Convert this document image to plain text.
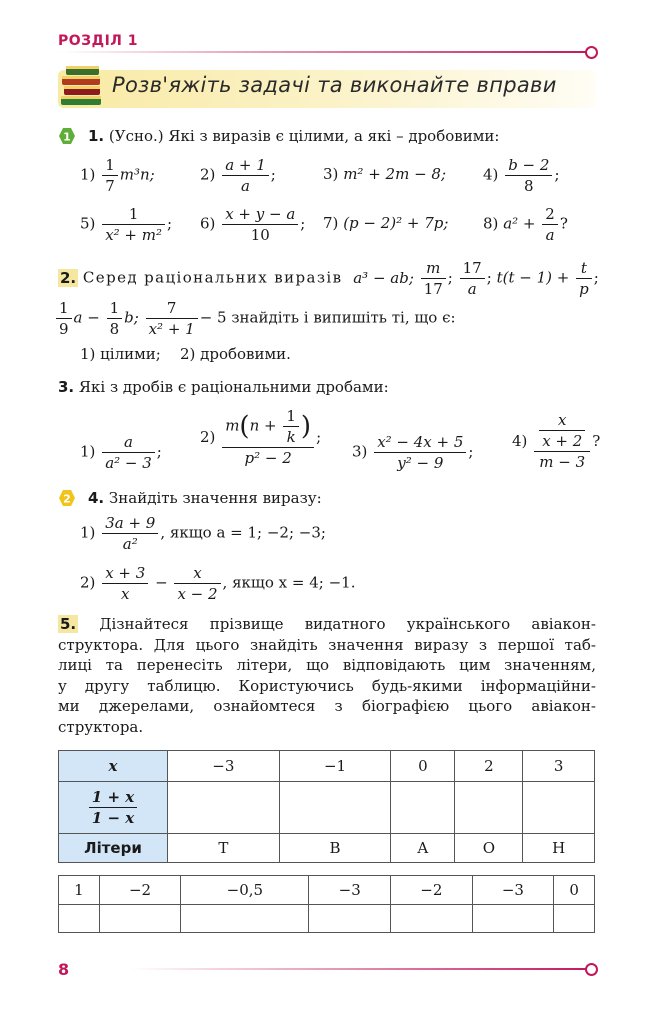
РОЗДІЛ 1
Розв'яжіть задачі та виконайте вправи
1 1. (Усно.) Які з виразів є цілими, а які – дробовими:
$1) \frac{1}{7} m^3n$;	$2) \frac{a + 1}{a}$ ;	3) m² + 2m − 8; $4) \frac{b - 2}{8}$ ;
$5) \frac{1}{\text{x² + m²}}$ ; $6) \frac{x + y - a}{10}$ ; 7) (p − 2)² + 7p; 8) $a^2 + \frac{2}{a}$ ?
2. Серед раціональних виразів a³ − ab; $\frac{m}{17}$ ; $\frac{17}{a}$ ; $t(t - 1) + \frac{t}{p}$ ;
$\frac{1}{9}$ $a - \frac{1}{8} b$; $\frac{7}{\text{x² + 1}} - 5$ знайдіть і випишіть ті, що є:
1) цілими; 2) дробовими.
3. Які з дробів є раціональними дробами:
$1) \frac{a}{\text{a² − 3}}$ ;
$2) \frac{m(n + \frac{1}{k} )}{\text{p² − 2}}$ ;
$3) \frac{\text{x² − 4x + 5}}{\text{y² − 9}}$ ;
$4) \frac{\frac{x}{x + 2}}{m - 3}$ ?
2 4. Знайдіть значення виразу:
$1) \frac{3a + 9}{\text{a²}}$ , якщо a = 1; −2; −3;
$2) \frac{x + 3}{x} - \frac{x}{x - 2}$ , якщо x = 4; −1.
5. Дізнайтеся прізвище видатного українського авіакон-
структора. Для цього знайдіть значення виразу з першої таб-
лиці та перенесіть літери, що відповідають цим значенням,
у другу таблицю. Користуючись будь-якими інформаційни-
ми джерелами, ознайомтеся з біографією цього авіакон-
структора.
x	−3	−1	0	2	3

$\frac{1 + x}{1 - x}$

Літери	Т	В	А	О	Н
1	−2	−0,5	−3	−2	−3	0

8
